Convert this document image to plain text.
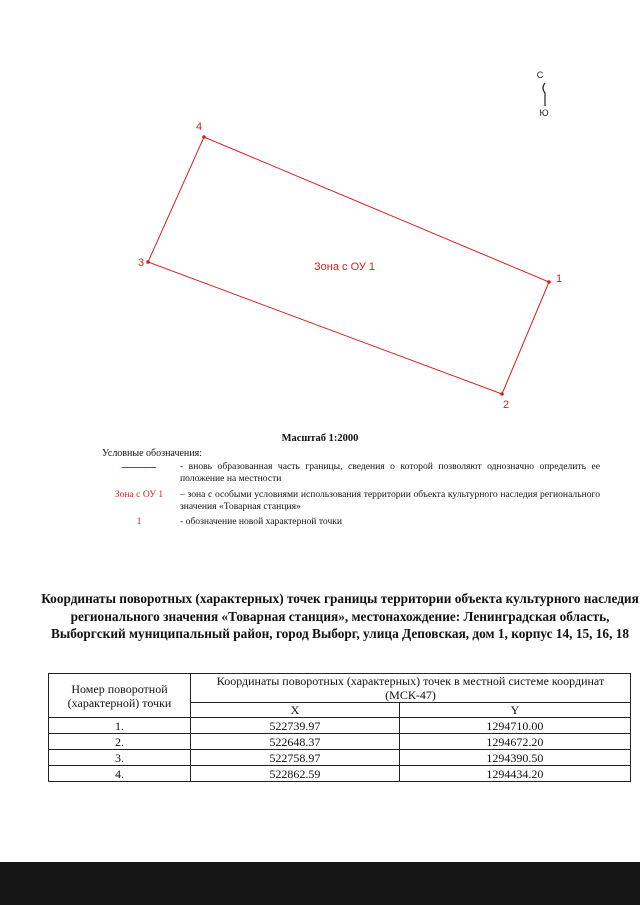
С
Ю
1
2
3
4
Зона с ОУ 1
Масштаб 1:2000
Условные обозначения:
- вновь образованная часть границы, сведения о которой позволяют однозначно определить ее положение на местности
Зона с ОУ 1	– зона с особыми условиями использования территории объекта культурного наследия регионального значения «Товарная станция»
1	- обозначение новой характерной точки
Координаты поворотных (характерных) точек границы территории объекта культурного наследия регионального значения «Товарная станция», местонахождение: Ленинградская область, Выборгский муниципальный район, город Выборг, улица Деповская, дом 1, корпус 14, 15, 16, 18
Номер поворотной (характерной) точки	Координаты поворотных (характерных) точек в местной системе координат (МСК-47)	
	X	Y
1.	522739.97	1294710.00
2.	522648.37	1294672.20
3.	522758.97	1294390.50
4.	522862.59	1294434.20
